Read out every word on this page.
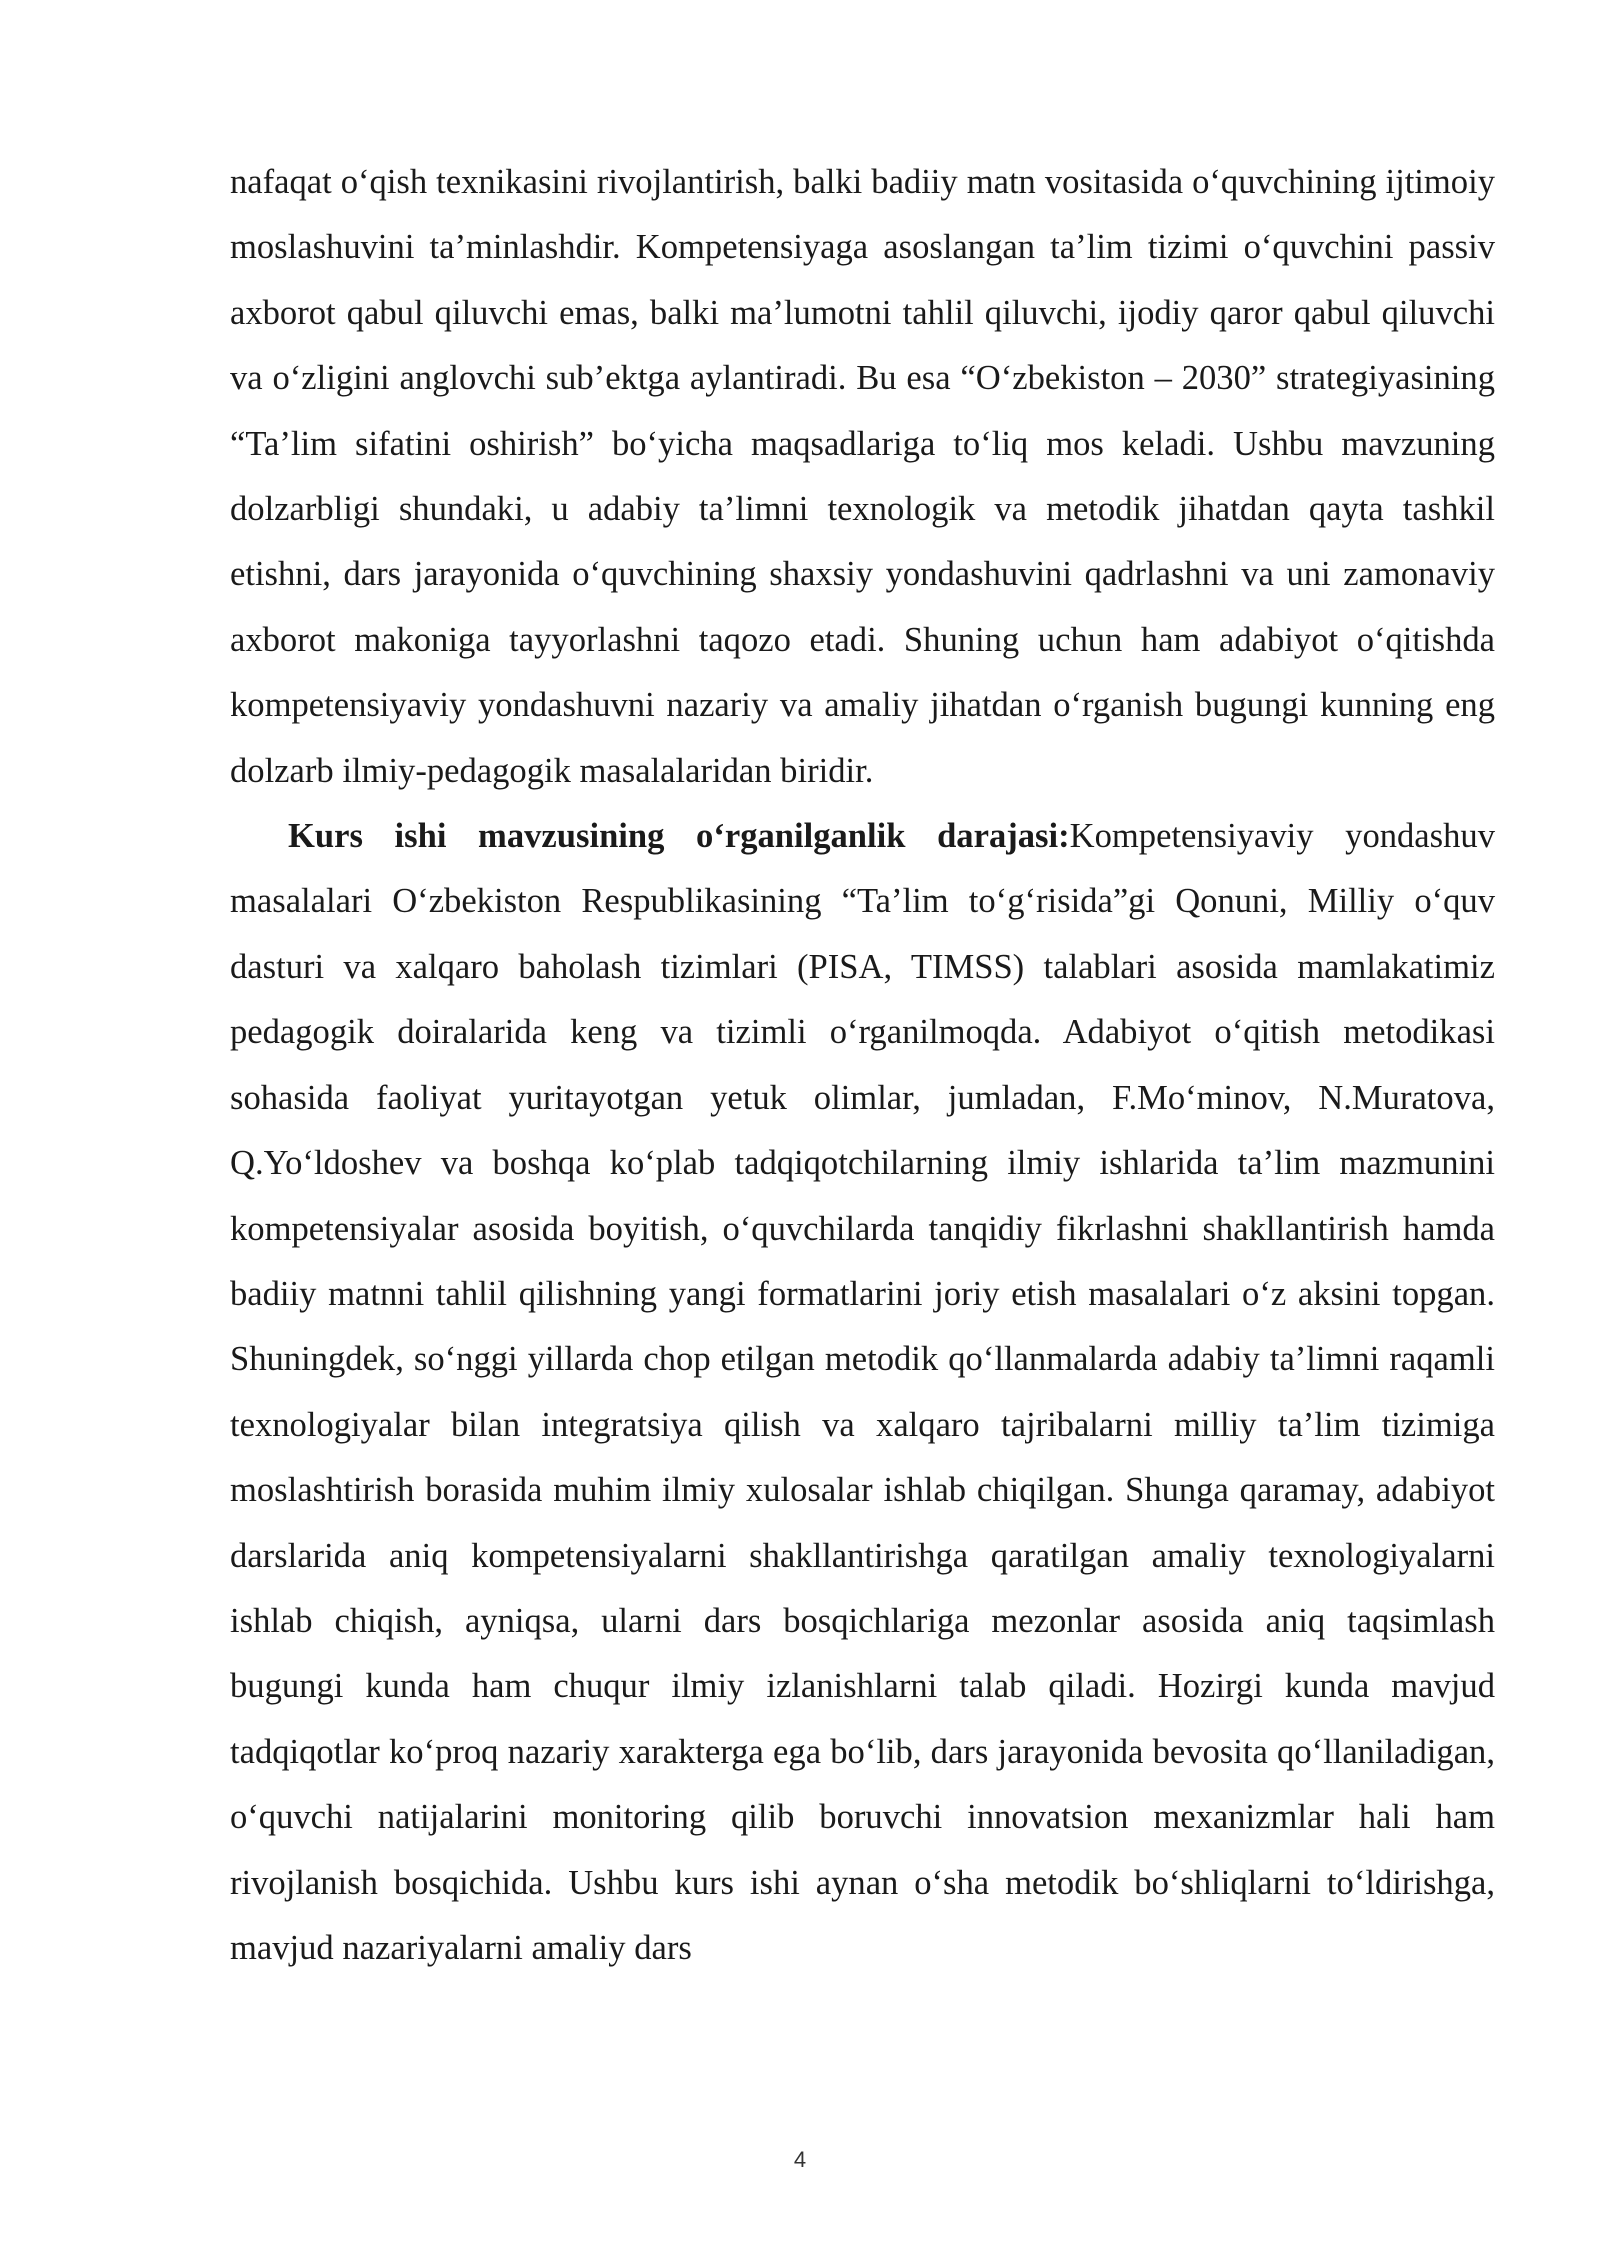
nafaqat o‘qish texnikasini rivojlantirish, balki badiiy matn vositasida o‘quvchining ijtimoiy moslashuvini ta’minlashdir. Kompetensiyaga asoslangan ta’lim tizimi o‘quvchini passiv axborot qabul qiluvchi emas, balki ma’lumotni tahlil qiluvchi, ijodiy qaror qabul qiluvchi va o‘zligini anglovchi sub’ektga aylantiradi. Bu esa “O‘zbekiston – 2030” strategiyasining “Ta’lim sifatini oshirish” bo‘yicha maqsadlariga to‘liq mos keladi. Ushbu mavzuning dolzarbligi shundaki, u adabiy ta’limni texnologik va metodik jihatdan qayta tashkil etishni, dars jarayonida o‘quvchining shaxsiy yondashuvini qadrlashni va uni zamonaviy axborot makoniga tayyorlashni taqozo etadi. Shuning uchun ham adabiyot o‘qitishda kompetensiyaviy yondashuvni nazariy va amaliy jihatdan o‘rganish bugungi kunning eng dolzarb ilmiy-pedagogik masalalaridan biridir.

Kurs ishi mavzusining o‘rganilganlik darajasi:Kompetensiyaviy yondashuv masalalari O‘zbekiston Respublikasining “Ta’lim to‘g‘risida”gi Qonuni, Milliy o‘quv dasturi va xalqaro baholash tizimlari (PISA, TIMSS) talablari asosida mamlakatimiz pedagogik doiralarida keng va tizimli o‘rganilmoqda. Adabiyot o‘qitish metodikasi sohasida faoliyat yuritayotgan yetuk olimlar, jumladan, F.Mo‘minov, N.Muratova, Q.Yo‘ldoshev va boshqa ko‘plab tadqiqotchilarning ilmiy ishlarida ta’lim mazmunini kompetensiyalar asosida boyitish, o‘quvchilarda tanqidiy fikrlashni shakllantirish hamda badiiy matnni tahlil qilishning yangi formatlarini joriy etish masalalari o‘z aksini topgan. Shuningdek, so‘nggi yillarda chop etilgan metodik qo‘llanmalarda adabiy ta’limni raqamli texnologiyalar bilan integratsiya qilish va xalqaro tajribalarni milliy ta’lim tizimiga moslashtirish borasida muhim ilmiy xulosalar ishlab chiqilgan. Shunga qaramay, adabiyot darslarida aniq kompetensiyalarni shakllantirishga qaratilgan amaliy texnologiyalarni ishlab chiqish, ayniqsa, ularni dars bosqichlariga mezonlar asosida aniq taqsimlash bugungi kunda ham chuqur ilmiy izlanishlarni talab qiladi. Hozirgi kunda mavjud tadqiqotlar ko‘proq nazariy xarakterga ega bo‘lib, dars jarayonida bevosita qo‘llaniladigan, o‘quvchi natijalarini monitoring qilib boruvchi innovatsion mexanizmlar hali ham rivojlanish bosqichida. Ushbu kurs ishi aynan o‘sha metodik bo‘shliqlarni to‘ldirishga, mavjud nazariyalarni amaliy dars

4
